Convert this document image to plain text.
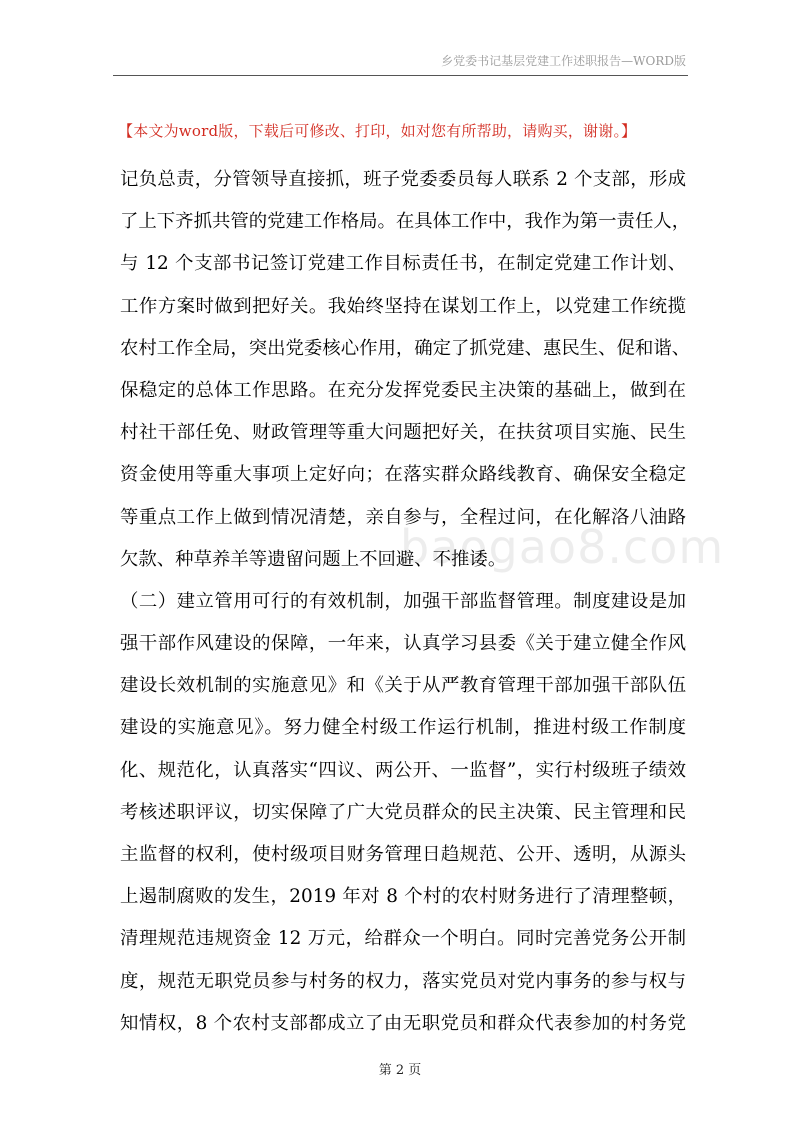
乡党委书记基层党建工作述职报告—WORD版
【本文为word版，下载后可修改、打印，如对您有所帮助，请购买，谢谢。】
记负总责，分管领导直接抓，班子党委委员每人联系 2 个支部，形成
了上下齐抓共管的党建工作格局。在具体工作中，我作为第一责任人，
与 12 个支部书记签订党建工作目标责任书，在制定党建工作计划、
工作方案时做到把好关。我始终坚持在谋划工作上，以党建工作统揽
农村工作全局，突出党委核心作用，确定了抓党建、惠民生、促和谐、
保稳定的总体工作思路。在充分发挥党委民主决策的基础上，做到在
村社干部任免、财政管理等重大问题把好关，在扶贫项目实施、民生
资金使用等重大事项上定好向；在落实群众路线教育、确保安全稳定
等重点工作上做到情况清楚，亲自参与，全程过问，在化解洛八油路
欠款、种草养羊等遗留问题上不回避、不推诿。
（二）建立管用可行的有效机制，加强干部监督管理。制度建设是加
强干部作风建设的保障，一年来，认真学习县委《关于建立健全作风
建设长效机制的实施意见》和《关于从严教育管理干部加强干部队伍
建设的实施意见》。努力健全村级工作运行机制，推进村级工作制度
化、规范化，认真落实“四议、两公开、一监督”，实行村级班子绩效
考核述职评议，切实保障了广大党员群众的民主决策、民主管理和民
主监督的权利，使村级项目财务管理日趋规范、公开、透明，从源头
上遏制腐败的发生，2019 年对 8 个村的农村财务进行了清理整顿，
清理规范违规资金 12 万元，给群众一个明白。同时完善党务公开制
度，规范无职党员参与村务的权力，落实党员对党内事务的参与权与
知情权，8 个农村支部都成立了由无职党员和群众代表参加的村务党
baogao8.com
第 2 页
